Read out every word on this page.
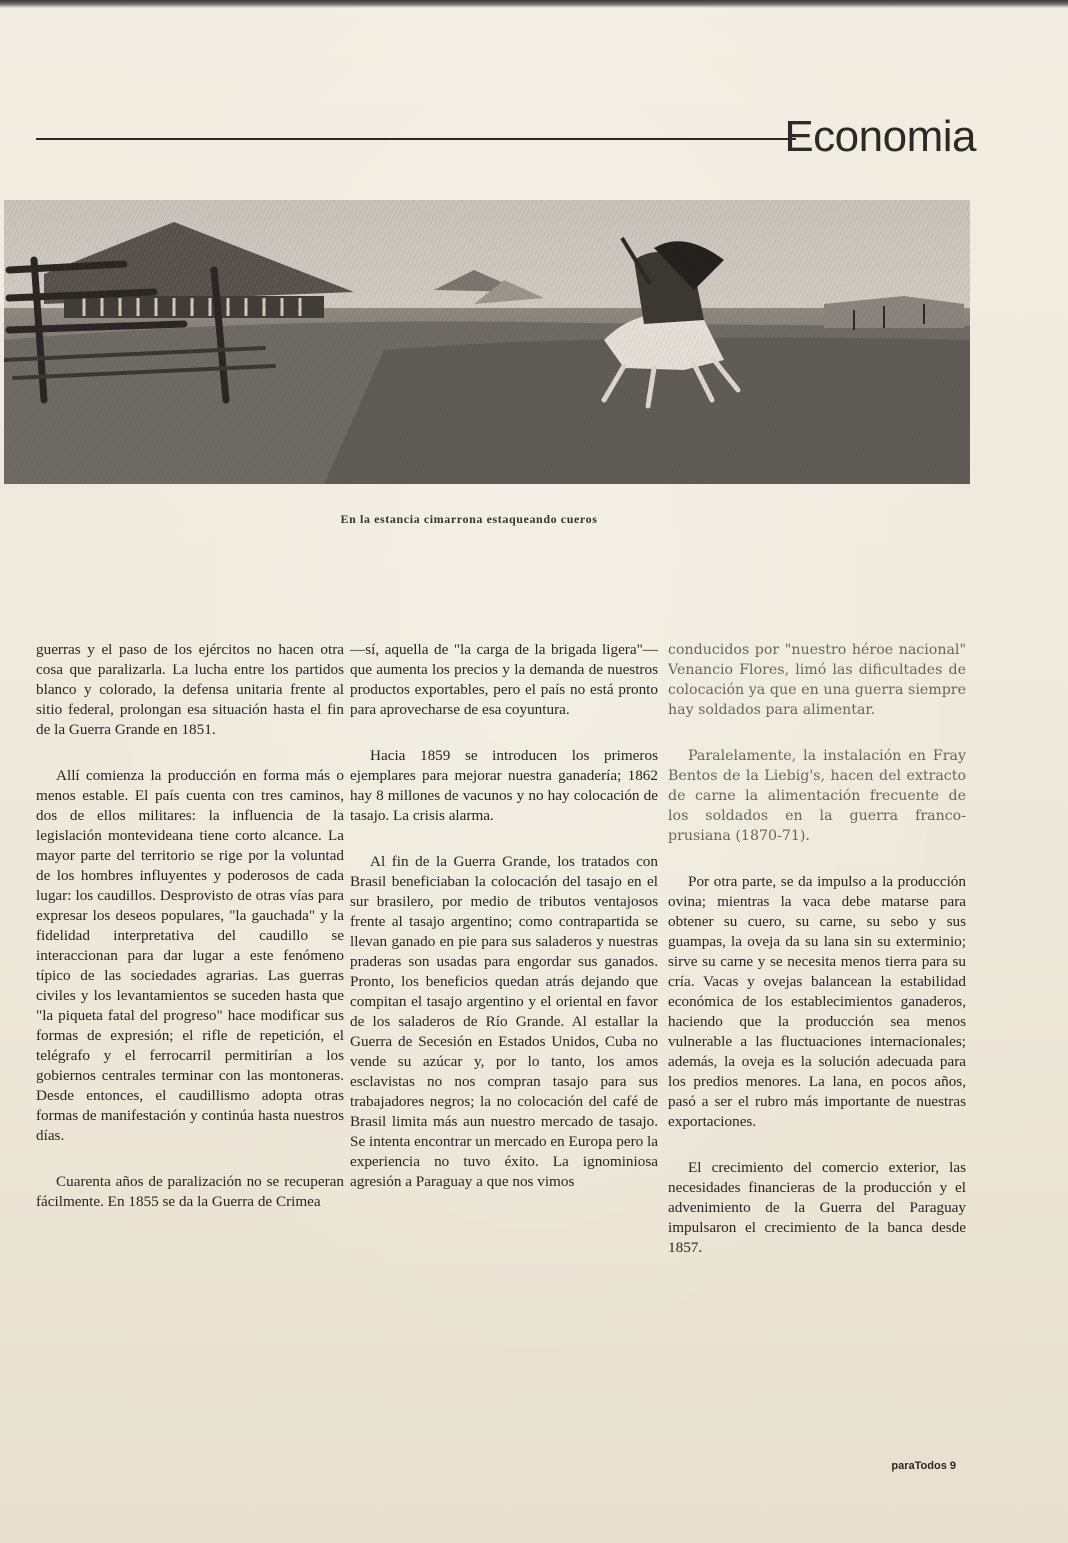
Economia
En la estancia cimarrona estaqueando cueros

guerras y el paso de los ejércitos no hacen otra cosa que paralizarla. La lucha entre los partidos blanco y colorado, la defensa unitaria frente al sitio federal, prolongan esa situación hasta el fin de la Guerra Grande en 1851.

Allí comienza la producción en forma más o menos estable. El país cuenta con tres caminos, dos de ellos militares: la influencia de la legislación montevideana tiene corto alcance. La mayor parte del territorio se rige por la voluntad de los hombres influyentes y poderosos de cada lugar: los caudillos. Desprovisto de otras vías para expresar los deseos populares, "la gauchada" y la fidelidad interpretativa del caudillo se interaccionan para dar lugar a este fenómeno típico de las sociedades agrarias. Las guerras civiles y los levantamientos se suceden hasta que "la piqueta fatal del progreso" hace modificar sus formas de expresión; el rifle de repetición, el telégrafo y el ferrocarril permitirían a los gobiernos centrales terminar con las montoneras. Desde entonces, el caudillismo adopta otras formas de manifestación y continúa hasta nuestros días.

Cuarenta años de paralización no se recuperan fácilmente. En 1855 se da la Guerra de Crimea

—sí, aquella de "la carga de la brigada ligera"— que aumenta los precios y la demanda de nuestros productos exportables, pero el país no está pronto para aprovecharse de esa coyuntura.

Hacia 1859 se introducen los primeros ejemplares para mejorar nuestra ganadería; 1862 hay 8 millones de vacunos y no hay colocación de tasajo. La crisis alarma.

Al fin de la Guerra Grande, los tratados con Brasil beneficiaban la colocación del tasajo en el sur brasilero, por medio de tributos ventajosos frente al tasajo argentino; como contrapartida se llevan ganado en pie para sus saladeros y nuestras praderas son usadas para engordar sus ganados. Pronto, los beneficios quedan atrás dejando que compitan el tasajo argentino y el oriental en favor de los saladeros de Río Grande. Al estallar la Guerra de Secesión en Estados Unidos, Cuba no vende su azúcar y, por lo tanto, los amos esclavistas no nos compran tasajo para sus trabajadores negros; la no colocación del café de Brasil limita más aun nuestro mercado de tasajo. Se intenta encontrar un mercado en Europa pero la experiencia no tuvo éxito. La ignominiosa agresión a Paraguay a que nos vimos

conducidos por "nuestro héroe nacional" Venancio Flores, limó las dificultades de colocación ya que en una guerra siempre hay soldados para alimentar.

Paralelamente, la instalación en Fray Bentos de la Liebig's, hacen del extracto de carne la alimentación frecuente de los soldados en la guerra franco-prusiana (1870-71).

Por otra parte, se da impulso a la producción ovina; mientras la vaca debe matarse para obtener su cuero, su carne, su sebo y sus guampas, la oveja da su lana sin su exterminio; sirve su carne y se necesita menos tierra para su cría. Vacas y ovejas balancean la estabilidad económica de los establecimientos ganaderos, haciendo que la producción sea menos vulnerable a las fluctuaciones internacionales; además, la oveja es la solución adecuada para los predios menores. La lana, en pocos años, pasó a ser el rubro más importante de nuestras exportaciones.

El crecimiento del comercio exterior, las necesidades financieras de la producción y el advenimiento de la Guerra del Paraguay impulsaron el crecimiento de la banca desde 1857.

paraTodos 9
